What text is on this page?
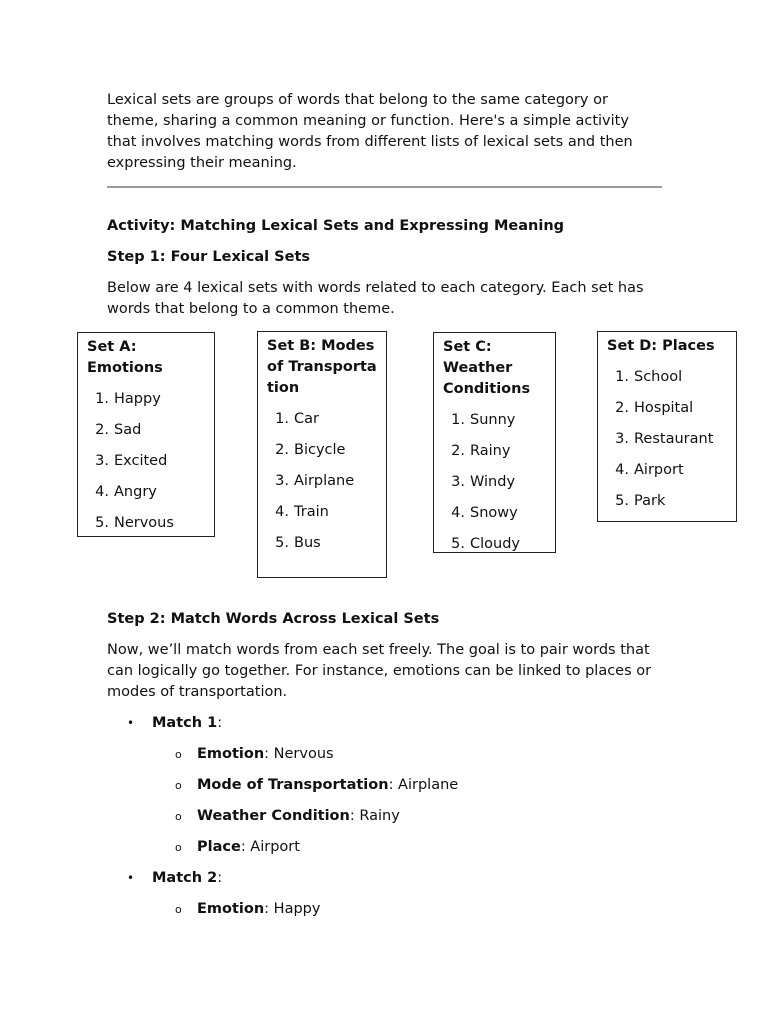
Lexical sets are groups of words that belong to the same category or theme, sharing a common meaning or function. Here's a simple activity that involves matching words from different lists of lexical sets and then expressing their meaning.

Activity: Matching Lexical Sets and Expressing Meaning

Step 1: Four Lexical Sets

Below are 4 lexical sets with words related to each category. Each set has words that belong to a common theme.

Set A: Emotions
1. Happy
2. Sad
3. Excited
4. Angry
5. Nervous
Set B: Modes of Transportation
1. Car
2. Bicycle
3. Airplane
4. Train
5. Bus
Set C: Weather Conditions
1. Sunny
2. Rainy
3. Windy
4. Snowy
5. Cloudy
Set D: Places
1. School
2. Hospital
3. Restaurant
4. Airport
5. Park

Step 2: Match Words Across Lexical Sets

Now, we’ll match words from each set freely. The goal is to pair words that can logically go together. For instance, emotions can be linked to places or modes of transportation.

• Match 1:
o Emotion: Nervous
o Mode of Transportation: Airplane
o Weather Condition: Rainy
o Place: Airport
• Match 2:
o Emotion: Happy
